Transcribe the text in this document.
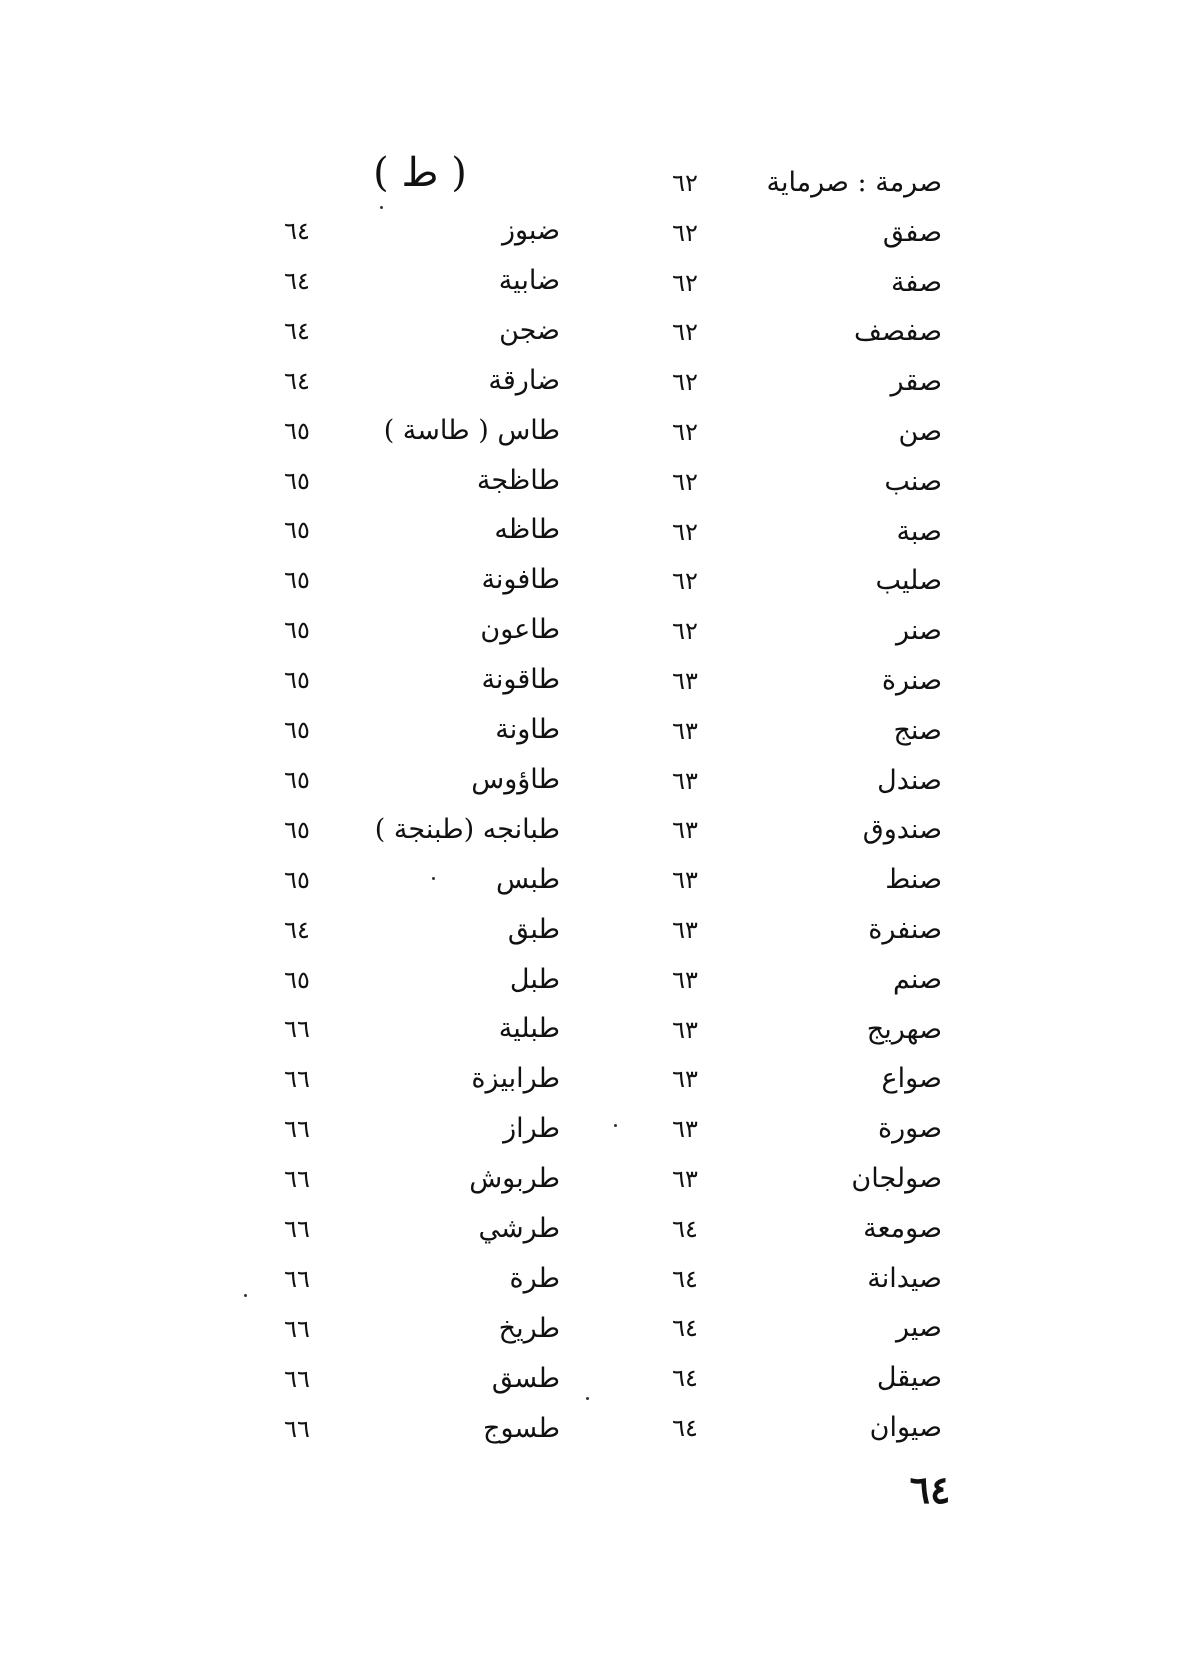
( ط )	صرمة : صرماية
٦٢
صفق
٦٢
صفة
٦٢
صفصف
٦٢
صقر
٦٢
صن
٦٢
صنب
٦٢
صبة
٦٢
صليب
٦٢
صنر
٦٢
صنرة
٦٣
صنج
٦٣
صندل
٦٣
صندوق
٦٣
صنط
٦٣
صنفرة
٦٣
صنم
٦٣
صهريج
٦٣
صواع
٦٣
صورة
٦٣
صولجان
٦٣
صومعة
٦٤
صيدانة
٦٤
صير
٦٤
صيقل
٦٤
صيوان
٦٤
ضبوز
٦٤
ضابية
٦٤
ضجن
٦٤
ضارقة
٦٤
طاس ( طاسة )
٦٥
طاظجة
٦٥
طاظه
٦٥
طافونة
٦٥
طاعون
٦٥
طاقونة
٦٥
طاونة
٦٥
طاؤوس
٦٥
طبانجه (طبنجة )
٦٥
طبس
٦٥
طبق
٦٤
طبل
٦٥
طبلية
٦٦
طرابيزة
٦٦
طراز
٦٦
طربوش
٦٦
طرشي
٦٦
طرة
٦٦
طريخ
٦٦
طسق
٦٦
طسوج
٦٦
٦٤
